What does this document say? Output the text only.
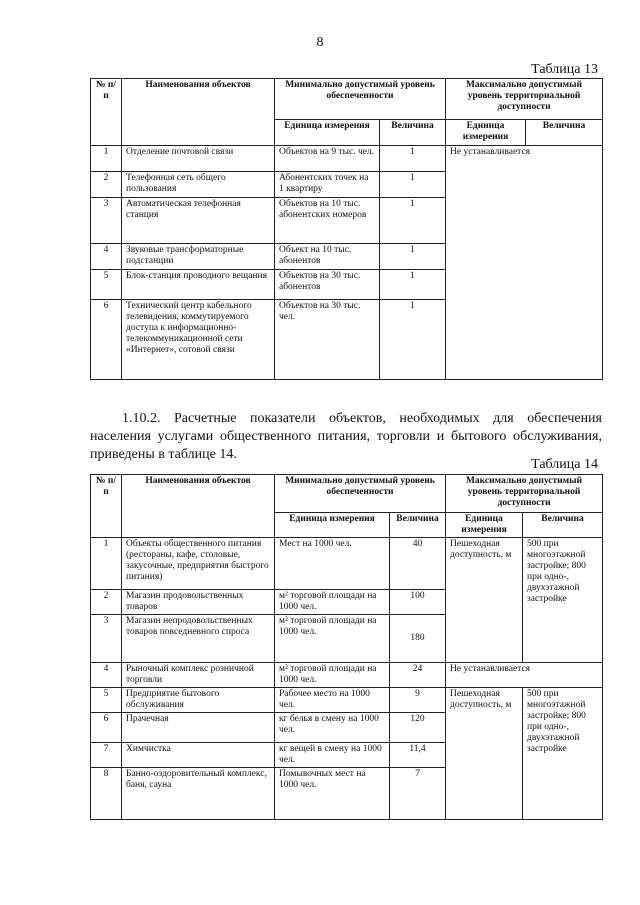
8
Таблица 13
№ п/п	Наименования объектов	Минимально допустимый уровень обеспеченности		Максимально допустимый уровень территориальной доступности	
		Единица измерения	Величина	Единица измерения	Величина
1	Отделение почтовой связи	Объектов на 9 тыс. чел.	1	Не устанавливается	
2	Телефонная сеть общего пользования	Абонентских точек на 1 квартиру	1		
3	Автоматическая телефонная станция	Объектов на 10 тыс. абонентских номеров	1		
4	Звуковые трансформаторные подстанции	Объект на 10 тыс. абонентов	1		
5	Блок-станция проводного вещания	Объектов на 30 тыс. абонентов	1		
6	Технический центр кабельного телевидения, коммутируемого доступа к информационно-телекоммуникационной сети «Интернет», сотовой связи	Объектов на 30 тыс. чел.	1		
1.10.2. Расчетные показатели объектов, необходимых для обеспечения населения услугами общественного питания, торговли и бытового обслуживания, приведены в таблице 14.
Таблица 14
№ п/п	Наименования объектов	Минимально допустимый уровень обеспеченности		Максимально допустимый уровень территориальной доступности	
		Единица измерения	Величина	Единица измерения	Величина
1	Объекты общественного питания (рестораны, кафе, столовые, закусочные, предприятия быстрого питания)	Мест на 1000 чел.	40	Пешеходная доступность, м	500 при многоэтажной застройке; 800 при одно-, двухэтажной застройке
2	Магазин продовольственных товаров	м² торговой площади на 1000 чел.	100		
3	Магазин непродовольственных товаров повседневного спроса	м² торговой площади на 1000 чел.	180		
4	Рыночный комплекс розничной торговли	м² торговой площади на 1000 чел.	24	Не устанавливается	
5	Предприятие бытового обслуживания	Рабочее место на 1000 чел.	9	Пешеходная доступность, м	500 при многоэтажной застройке; 800 при одно-, двухэтажной застройке
6	Прачечная	кг белья в смену на 1000 чел.	120		
7	Химчистка	кг вещей в смену на 1000 чел.	11,4		
8	Банно-оздоровительный комплекс, баня, сауна	Помывочных мест на 1000 чел.	7		
